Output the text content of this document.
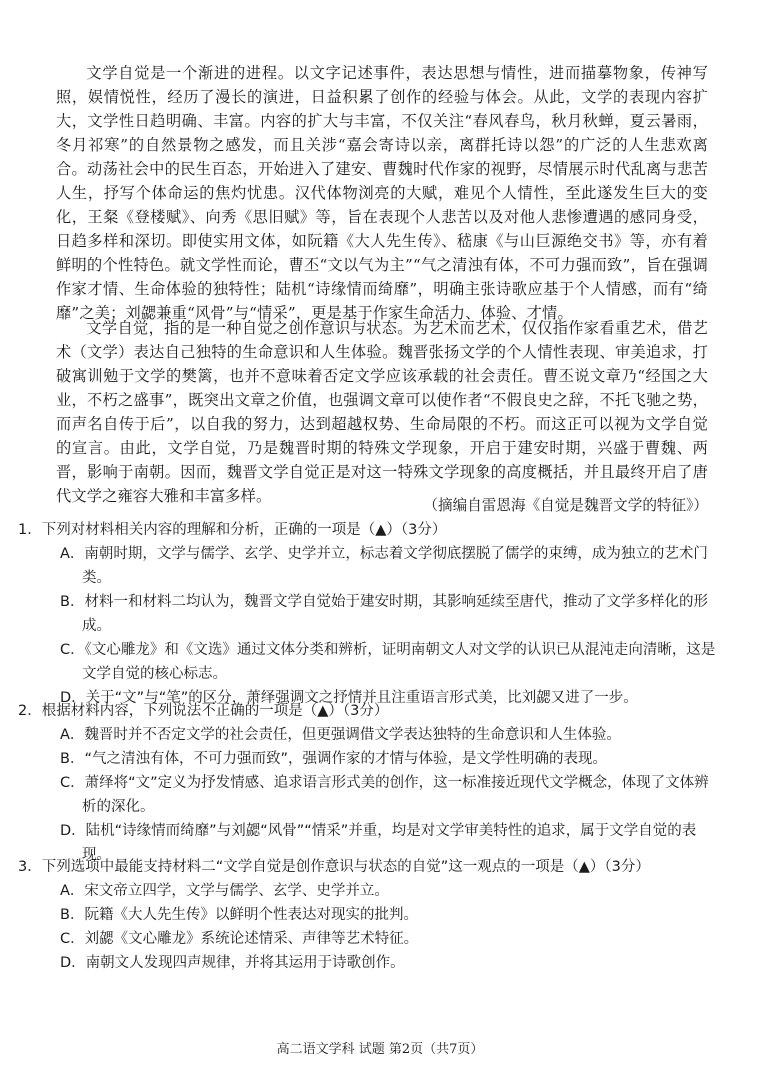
文学自觉是一个渐进的进程。以文字记述事件，表达思想与情性，进而描摹物象，传神写照，娱情悦性，经历了漫长的演进，日益积累了创作的经验与体会。从此，文学的表现内容扩大，文学性日趋明确、丰富。内容的扩大与丰富，不仅关注“春风春鸟，秋月秋蝉，夏云暑雨，冬月祁寒”的自然景物之感发，而且关涉“嘉会寄诗以亲，离群托诗以怨”的广泛的人生悲欢离合。动荡社会中的民生百态，开始进入了建安、曹魏时代作家的视野，尽情展示时代乱离与悲苦人生，抒写个体命运的焦灼忧患。汉代体物浏亮的大赋，难见个人情性，至此遂发生巨大的变化，王粲《登楼赋》、向秀《思旧赋》等，旨在表现个人悲苦以及对他人悲惨遭遇的感同身受，日趋多样和深切。即使实用文体，如阮籍《大人先生传》、嵇康《与山巨源绝交书》等，亦有着鲜明的个性特色。就文学性而论，曹丕“文以气为主”“气之清浊有体，不可力强而致”，旨在强调作家才情、生命体验的独特性；陆机“诗缘情而绮靡”，明确主张诗歌应基于个人情感，而有“绮靡”之美；刘勰兼重“风骨”与“情采”，更是基于作家生命活力、体验、才情。

文学自觉，指的是一种自觉之创作意识与状态。为艺术而艺术，仅仅指作家看重艺术，借艺术（文学）表达自己独特的生命意识和人生体验。魏晋张扬文学的个人情性表现、审美追求，打破寓训勉于文学的樊篱，也并不意味着否定文学应该承载的社会责任。曹丕说文章乃“经国之大业，不朽之盛事”，既突出文章之价值，也强调文章可以使作者“不假良史之辞，不托飞驰之势，而声名自传于后”，以自我的努力，达到超越权势、生命局限的不朽。而这正可以视为文学自觉的宣言。由此，文学自觉，乃是魏晋时期的特殊文学现象，开启于建安时期，兴盛于曹魏、两晋，影响于南朝。因而，魏晋文学自觉正是对这一特殊文学现象的高度概括，并且最终开启了唐代文学之雍容大雅和丰富多样。

（摘编自雷恩海《自觉是魏晋文学的特征》）

1．下列对材料相关内容的理解和分析，正确的一项是（▲）（3分）
A．南朝时期，文学与儒学、玄学、史学并立，标志着文学彻底摆脱了儒学的束缚，成为独立的艺术门类。
B．材料一和材料二均认为，魏晋文学自觉始于建安时期，其影响延续至唐代，推动了文学多样化的形成。
C．《文心雕龙》和《文选》通过文体分类和辨析，证明南朝文人对文学的认识已从混沌走向清晰，这是文学自觉的核心标志。
D．关于“文”与“笔”的区分，萧绎强调文之抒情并且注重语言形式美，比刘勰又进了一步。
2．根据材料内容，下列说法不正确的一项是（▲）（3分）
A．魏晋时并不否定文学的社会责任，但更强调借文学表达独特的生命意识和人生体验。
B．“气之清浊有体，不可力强而致”，强调作家的才情与体验，是文学性明确的表现。
C．萧绎将“文”定义为抒发情感、追求语言形式美的创作，这一标准接近现代文学概念，体现了文体辨析的深化。
D．陆机“诗缘情而绮靡”与刘勰“风骨”“情采”并重，均是对文学审美特性的追求，属于文学自觉的表现。
3．下列选项中最能支持材料二“文学自觉是创作意识与状态的自觉”这一观点的一项是（▲）（3分）
A．宋文帝立四学，文学与儒学、玄学、史学并立。
B．阮籍《大人先生传》以鲜明个性表达对现实的批判。
C．刘勰《文心雕龙》系统论述情采、声律等艺术特征。
D．南朝文人发现四声规律，并将其运用于诗歌创作。
高二语文学科 试题 第2页（共7页）
